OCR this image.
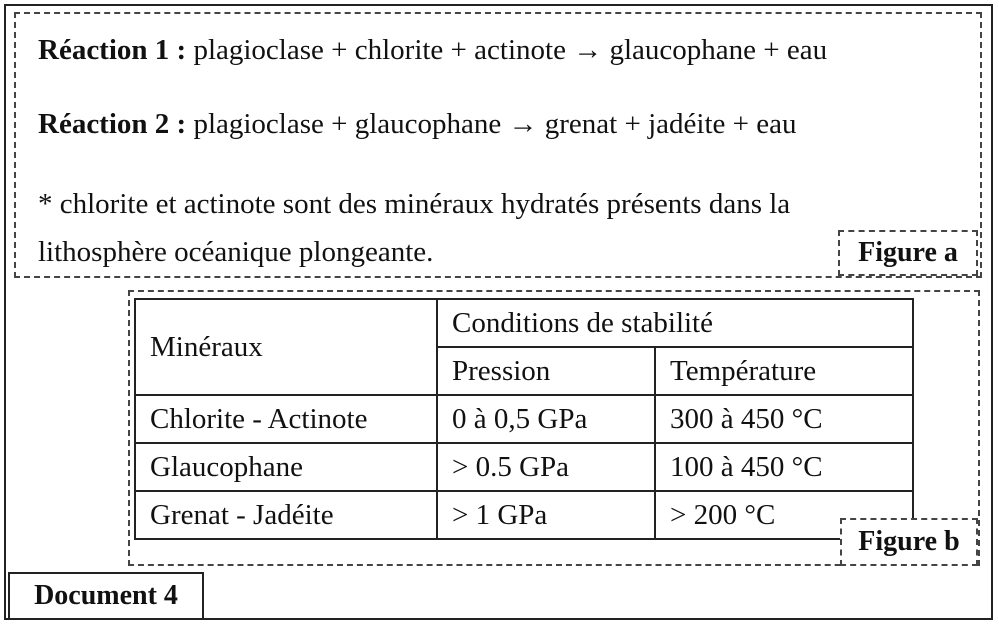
Réaction 1 : plagioclase + chlorite + actinote → glaucophane + eau
Réaction 2 : plagioclase + glaucophane → grenat + jadéite + eau
* chlorite et actinote sont des minéraux hydratés présents dans la lithosphère océanique plongeante.	Figure a
Minéraux	Conditions de stabilité	
	Pression	Température
Chlorite - Actinote	0 à 0,5 GPa	300 à 450 °C
Glaucophane	> 0.5 GPa	100 à 450 °C
Grenat - Jadéite	> 1 GPa	> 200 °C
Figure b
Document 4
